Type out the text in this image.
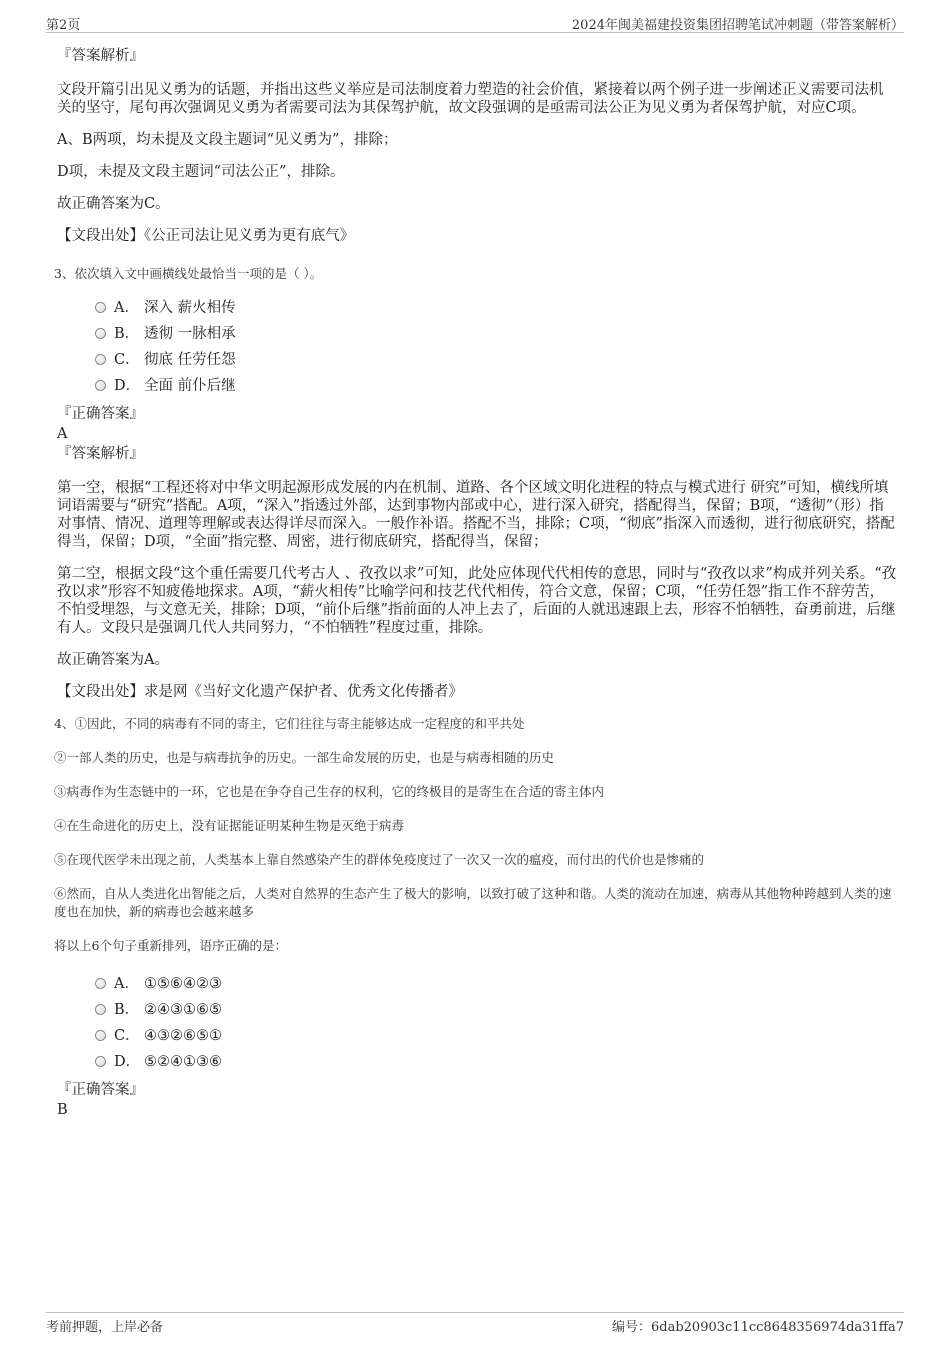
第2页	2024年闽美福建投资集团招聘笔试冲刺题（带答案解析）

『答案解析』

文段开篇引出见义勇为的话题，并指出这些义举应是司法制度着力塑造的社会价值，紧接着以两个例子进一步阐述正义需要司法机关的坚守，尾句再次强调见义勇为者需要司法为其保驾护航，故文段强调的是亟需司法公正为见义勇为者保驾护航，对应C项。

A、B两项，均未提及文段主题词“见义勇为”，排除；

D项，未提及文段主题词“司法公正”，排除。

故正确答案为C。

【文段出处】《公正司法让见义勇为更有底气》

3、依次填入文中画横线处最恰当一项的是（ ）。

A． 深入 薪火相传
B． 透彻 一脉相承
C． 彻底 任劳任怨
D． 全面 前仆后继

『正确答案』

A

『答案解析』

第一空，根据“工程还将对中华文明起源形成发展的内在机制、道路、各个区域文明化进程的特点与模式进行 研究”可知，横线所填词语需要与“研究”搭配。A项，“深入”指透过外部，达到事物内部或中心，进行深入研究，搭配得当，保留；B项，“透彻”（形）指对事情、情况、道理等理解或表达得详尽而深入。一般作补语。搭配不当，排除；C项，“彻底”指深入而透彻，进行彻底研究，搭配得当，保留；D项，“全面”指完整、周密，进行彻底研究，搭配得当，保留；

第二空，根据文段“这个重任需要几代考古人 、孜孜以求”可知，此处应体现代代相传的意思，同时与“孜孜以求”构成并列关系。“孜孜以求”形容不知疲倦地探求。A项，“薪火相传”比喻学问和技艺代代相传，符合文意，保留；C项，“任劳任怨”指工作不辞劳苦，不怕受埋怨，与文意无关，排除；D项，“前仆后继”指前面的人冲上去了，后面的人就迅速跟上去，形容不怕牺牲，奋勇前进，后继有人。文段只是强调几代人共同努力，“不怕牺牲”程度过重，排除。

故正确答案为A。

【文段出处】求是网《当好文化遗产保护者、优秀文化传播者》

4、①因此，不同的病毒有不同的寄主，它们往往与寄主能够达成一定程度的和平共处

②一部人类的历史，也是与病毒抗争的历史。一部生命发展的历史，也是与病毒相随的历史

③病毒作为生态链中的一环，它也是在争夺自己生存的权利，它的终极目的是寄生在合适的寄主体内

④在生命进化的历史上，没有证据能证明某种生物是灭绝于病毒

⑤在现代医学未出现之前，人类基本上靠自然感染产生的群体免疫度过了一次又一次的瘟疫，而付出的代价也是惨痛的

⑥然而，自从人类进化出智能之后，人类对自然界的生态产生了极大的影响，以致打破了这种和谐。人类的流动在加速，病毒从其他物种跨越到人类的速度也在加快，新的病毒也会越来越多

将以上6个句子重新排列，语序正确的是：

A． ①⑤⑥④②③
B． ②④③①⑥⑤
C． ④③②⑥⑤①
D． ⑤②④①③⑥

『正确答案』

B

考前押题，上岸必备	编号：6dab20903c11cc8648356974da31ffa7
